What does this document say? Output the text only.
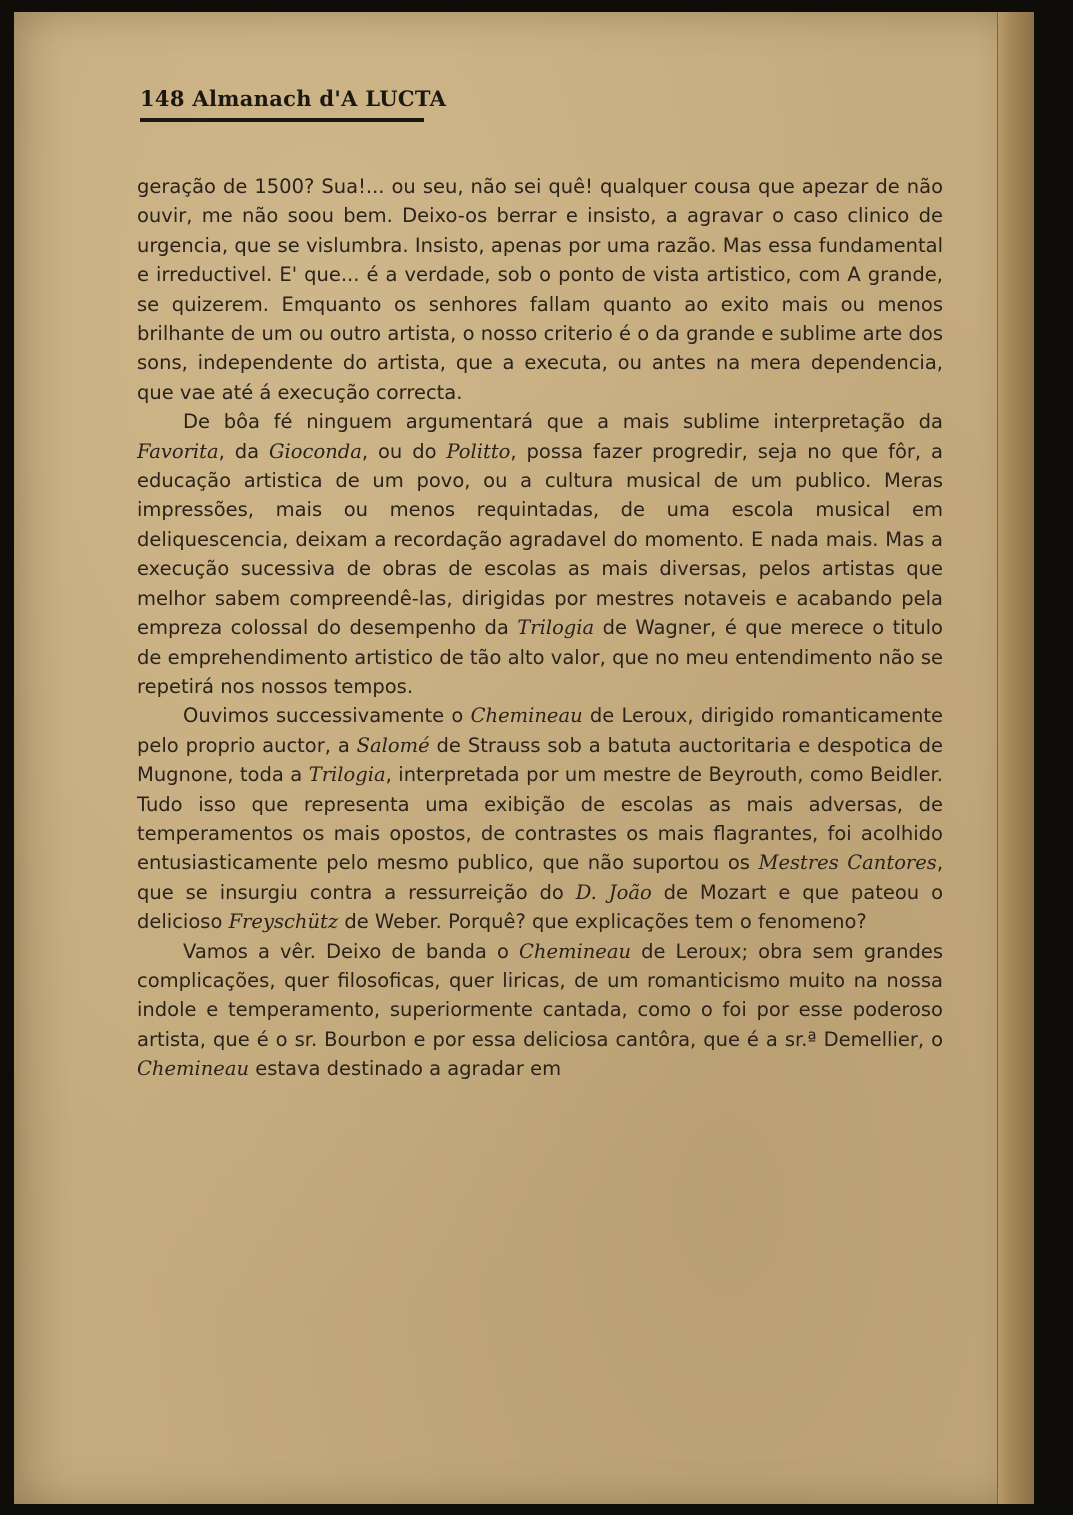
148 Almanach d'A LUCTA

geração de 1500? Sua!... ou seu, não sei quê! qualquer cousa que apezar de não ouvir, me não soou bem. Deixo-os berrar e insisto, a agravar o caso clinico de urgencia, que se vislumbra. Insisto, apenas por uma razão. Mas essa fundamental e irreductivel. E' que... é a verdade, sob o ponto de vista artistico, com A grande, se quizerem. Emquanto os senhores fallam quanto ao exito mais ou menos brilhante de um ou outro artista, o nosso criterio é o da grande e sublime arte dos sons, independente do artista, que a executa, ou antes na mera dependencia, que vae até á execução correcta.

De bôa fé ninguem argumentará que a mais sublime interpretação da Favorita, da Gioconda, ou do Politto, possa fazer progredir, seja no que fôr, a educação artistica de um povo, ou a cultura musical de um publico. Meras impressões, mais ou menos requintadas, de uma escola musical em deliquescencia, deixam a recordação agradavel do momento. E nada mais. Mas a execução sucessiva de obras de escolas as mais diversas, pelos artistas que melhor sabem compreendê-las, dirigidas por mestres notaveis e acabando pela empreza colossal do desempenho da Trilogia de Wagner, é que merece o titulo de emprehendimento artistico de tão alto valor, que no meu entendimento não se repetirá nos nossos tempos.

Ouvimos successivamente o Chemineau de Leroux, dirigido romanticamente pelo proprio auctor, a Salomé de Strauss sob a batuta auctoritaria e despotica de Mugnone, toda a Trilogia, interpretada por um mestre de Beyrouth, como Beidler. Tudo isso que representa uma exibição de escolas as mais adversas, de temperamentos os mais opostos, de contrastes os mais flagrantes, foi acolhido entusiasticamente pelo mesmo publico, que não suportou os Mestres Cantores, que se insurgiu contra a ressurreição do D. João de Mozart e que pateou o delicioso Freyschütz de Weber. Porquê? que explicações tem o fenomeno?

Vamos a vêr. Deixo de banda o Chemineau de Leroux; obra sem grandes complicações, quer filosoficas, quer liricas, de um romanticismo muito na nossa indole e temperamento, superiormente cantada, como o foi por esse poderoso artista, que é o sr. Bourbon e por essa deliciosa cantôra, que é a sr.ª Demellier, o Chemineau estava destinado a agradar em
